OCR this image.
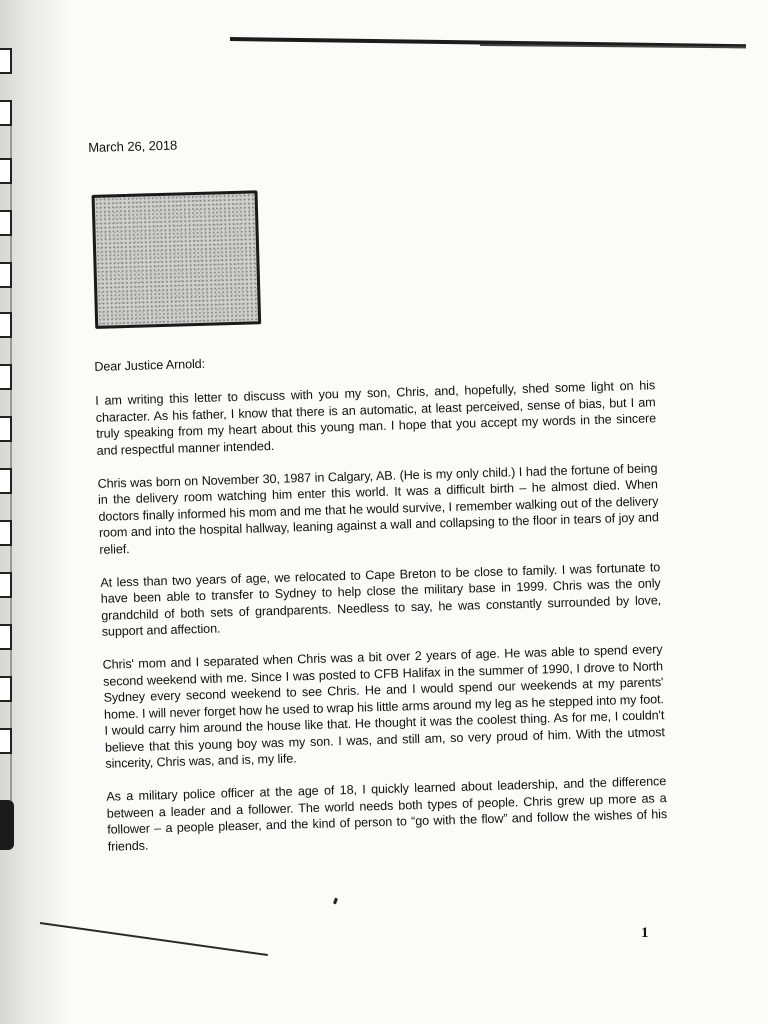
March 26, 2018
Dear Justice Arnold:

I am writing this letter to discuss with you my son, Chris, and, hopefully, shed some light on his character. As his father, I know that there is an automatic, at least perceived, sense of bias, but I am truly speaking from my heart about this young man. I hope that you accept my words in the sincere and respectful manner intended.

Chris was born on November 30, 1987 in Calgary, AB. (He is my only child.) I had the fortune of being in the delivery room watching him enter this world. It was a difficult birth – he almost died. When doctors finally informed his mom and me that he would survive, I remember walking out of the delivery room and into the hospital hallway, leaning against a wall and collapsing to the floor in tears of joy and relief.

At less than two years of age, we relocated to Cape Breton to be close to family. I was fortunate to have been able to transfer to Sydney to help close the military base in 1999. Chris was the only grandchild of both sets of grandparents. Needless to say, he was constantly surrounded by love, support and affection.

Chris' mom and I separated when Chris was a bit over 2 years of age. He was able to spend every second weekend with me. Since I was posted to CFB Halifax in the summer of 1990, I drove to North Sydney every second weekend to see Chris. He and I would spend our weekends at my parents' home. I will never forget how he used to wrap his little arms around my leg as he stepped into my foot. I would carry him around the house like that. He thought it was the coolest thing. As for me, I couldn't believe that this young boy was my son. I was, and still am, so very proud of him. With the utmost sincerity, Chris was, and is, my life.

As a military police officer at the age of 18, I quickly learned about leadership, and the difference between a leader and a follower. The world needs both types of people. Chris grew up more as a follower – a people pleaser, and the kind of person to “go with the flow” and follow the wishes of his friends.

1
